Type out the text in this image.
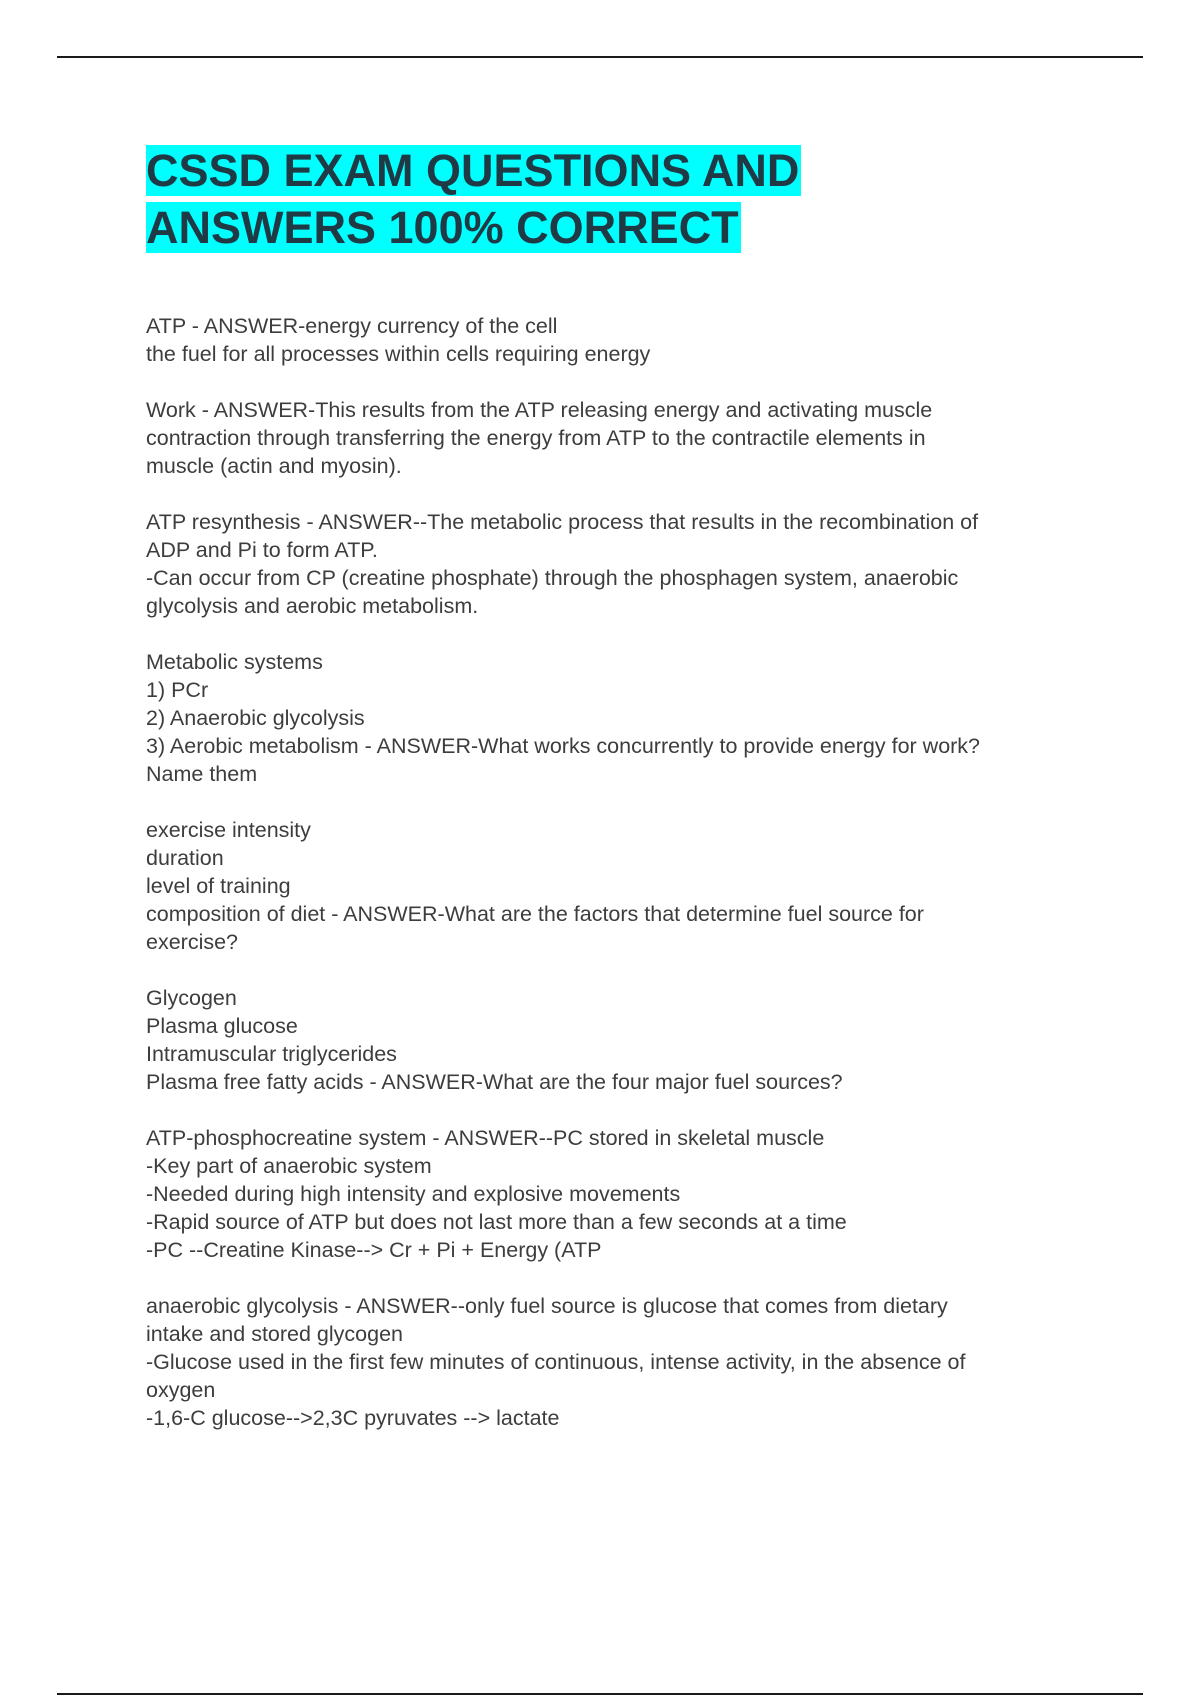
CSSD EXAM QUESTIONS AND
ANSWERS 100% CORRECT
ATP - ANSWER-energy currency of the cell
the fuel for all processes within cells requiring energy
Work - ANSWER-This results from the ATP releasing energy and activating muscle
contraction through transferring the energy from ATP to the contractile elements in
muscle (actin and myosin).
ATP resynthesis - ANSWER--The metabolic process that results in the recombination of
ADP and Pi to form ATP.
-Can occur from CP (creatine phosphate) through the phosphagen system, anaerobic
glycolysis and aerobic metabolism.
Metabolic systems
1) PCr
2) Anaerobic glycolysis
3) Aerobic metabolism - ANSWER-What works concurrently to provide energy for work?
Name them
exercise intensity
duration
level of training
composition of diet - ANSWER-What are the factors that determine fuel source for
exercise?
Glycogen
Plasma glucose
Intramuscular triglycerides
Plasma free fatty acids - ANSWER-What are the four major fuel sources?
ATP-phosphocreatine system - ANSWER--PC stored in skeletal muscle
-Key part of anaerobic system
-Needed during high intensity and explosive movements
-Rapid source of ATP but does not last more than a few seconds at a time
-PC --Creatine Kinase--> Cr + Pi + Energy (ATP
anaerobic glycolysis - ANSWER--only fuel source is glucose that comes from dietary
intake and stored glycogen
-Glucose used in the first few minutes of continuous, intense activity, in the absence of
oxygen
-1,6-C glucose-->2,3C pyruvates --> lactate
